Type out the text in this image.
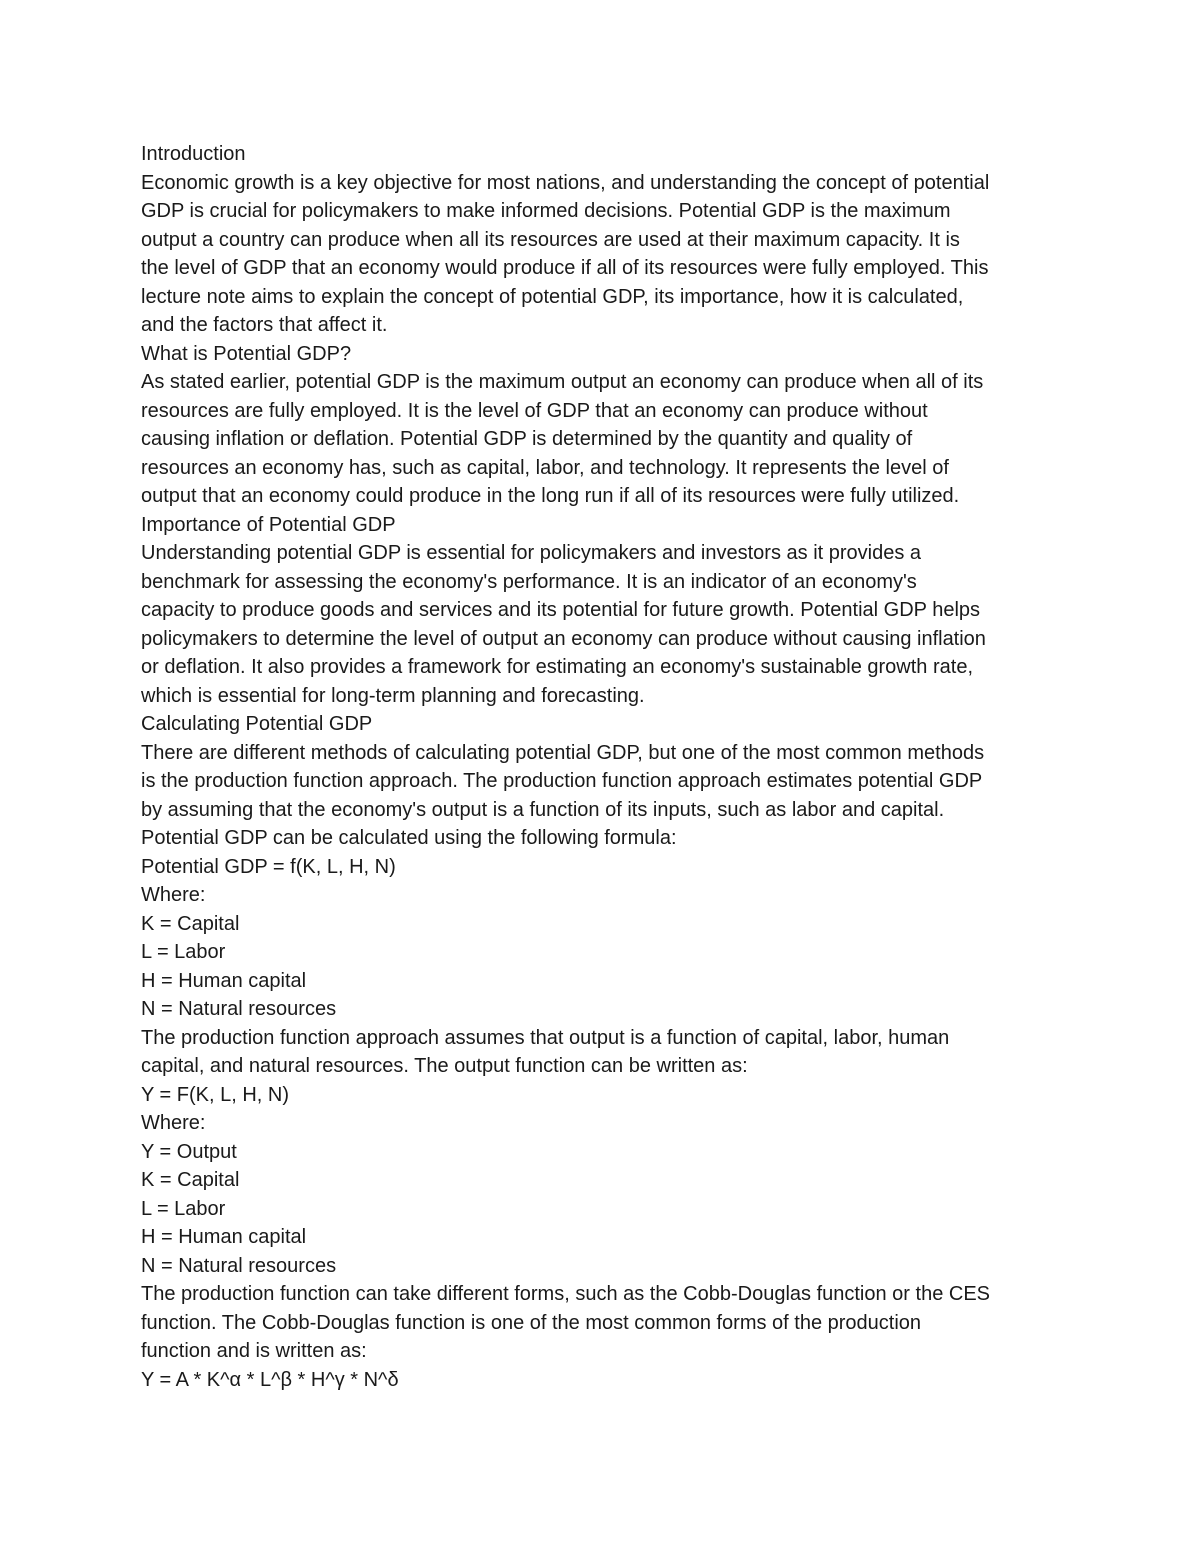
Introduction
Economic growth is a key objective for most nations, and understanding the concept of potential
GDP is crucial for policymakers to make informed decisions. Potential GDP is the maximum
output a country can produce when all its resources are used at their maximum capacity. It is
the level of GDP that an economy would produce if all of its resources were fully employed. This
lecture note aims to explain the concept of potential GDP, its importance, how it is calculated,
and the factors that affect it.
What is Potential GDP?
As stated earlier, potential GDP is the maximum output an economy can produce when all of its
resources are fully employed. It is the level of GDP that an economy can produce without
causing inflation or deflation. Potential GDP is determined by the quantity and quality of
resources an economy has, such as capital, labor, and technology. It represents the level of
output that an economy could produce in the long run if all of its resources were fully utilized.
Importance of Potential GDP
Understanding potential GDP is essential for policymakers and investors as it provides a
benchmark for assessing the economy's performance. It is an indicator of an economy's
capacity to produce goods and services and its potential for future growth. Potential GDP helps
policymakers to determine the level of output an economy can produce without causing inflation
or deflation. It also provides a framework for estimating an economy's sustainable growth rate,
which is essential for long-term planning and forecasting.
Calculating Potential GDP
There are different methods of calculating potential GDP, but one of the most common methods
is the production function approach. The production function approach estimates potential GDP
by assuming that the economy's output is a function of its inputs, such as labor and capital.
Potential GDP can be calculated using the following formula:
Potential GDP = f(K, L, H, N)
Where:
K = Capital
L = Labor
H = Human capital
N = Natural resources
The production function approach assumes that output is a function of capital, labor, human
capital, and natural resources. The output function can be written as:
Y = F(K, L, H, N)
Where:
Y = Output
K = Capital
L = Labor
H = Human capital
N = Natural resources
The production function can take different forms, such as the Cobb-Douglas function or the CES
function. The Cobb-Douglas function is one of the most common forms of the production
function and is written as:
Y = A * K^α * L^β * H^γ * N^δ
